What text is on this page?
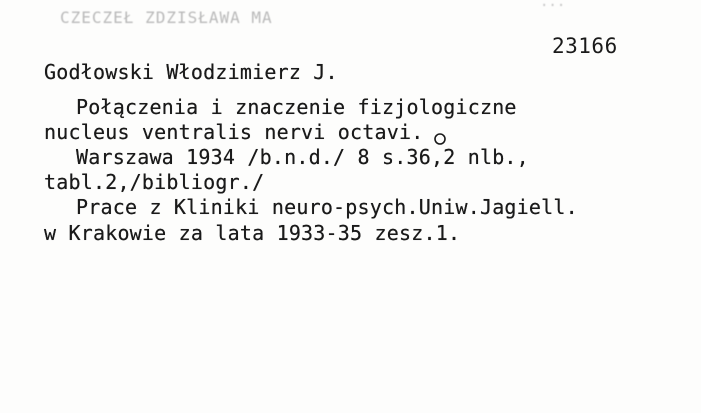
CZECZEŁ ZDZISŁAWA MA
...
23166
Godłowski Włodzimierz J.
Połączenia i znaczenie fizjologiczne
nucleus ventralis nervi octavi.
Warszawa 1934 /b.n.d./ 8 s.36,2 nlb.,
tabl.2,/bibliogr./
Prace z Kliniki neuro-psych.Uniw.Jagiell.
w Krakowie za lata 1933-35 zesz.1.
